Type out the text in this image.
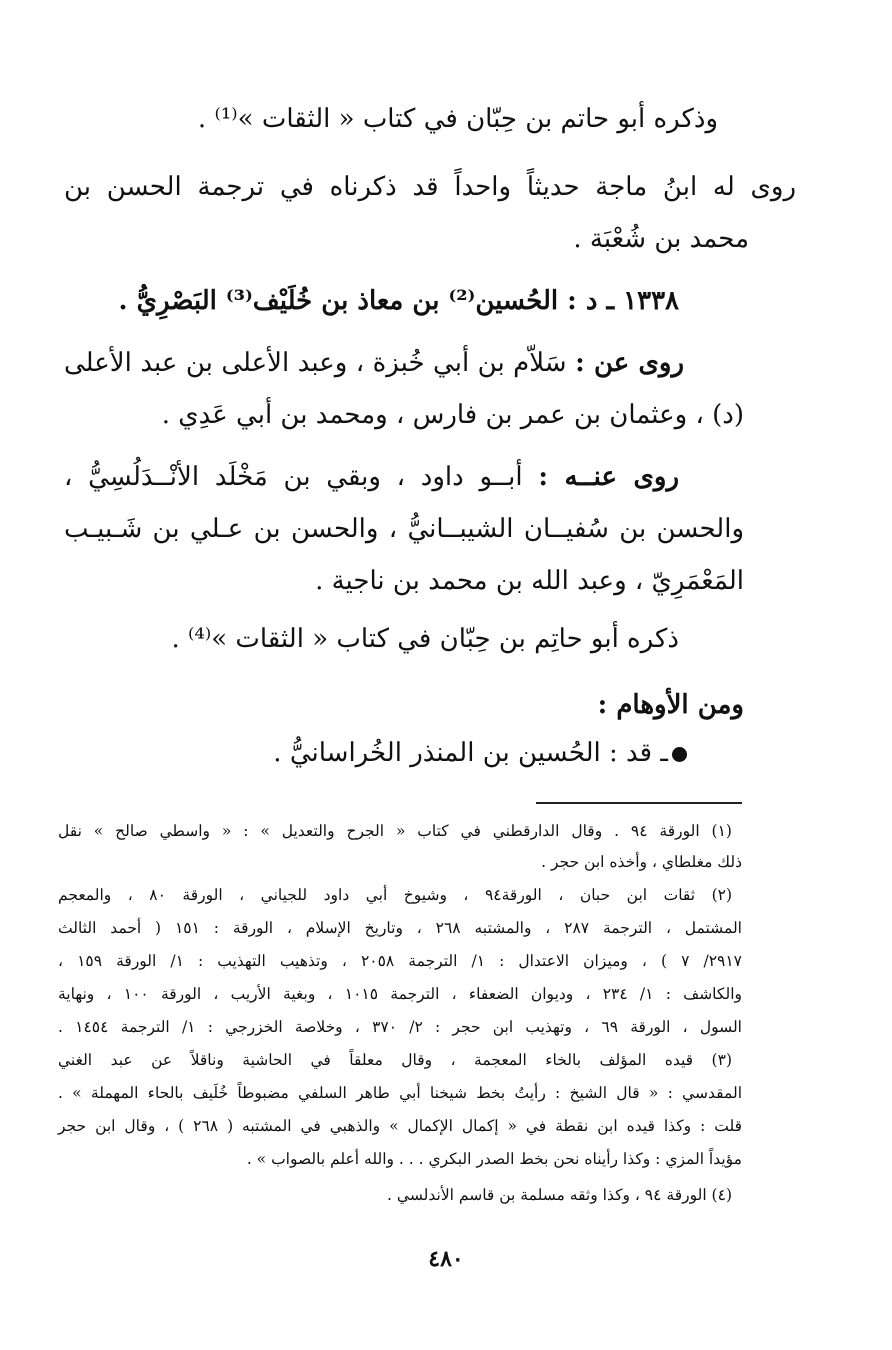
وذكره أبو حاتم بن حِبّان في كتاب « الثقات »⁽¹⁾ .
روى له ابنُ ماجة حديثاً واحداً قد ذكرناه في ترجمة الحسن بن
محمد بن شُعْبَة .
١٣٣٨ ـ د : الحُسين⁽²⁾ بن معاذ بن خُلَيْف⁽³⁾ البَصْرِيُّ .
روى عن : سَلاّم بن أبي خُبزة ، وعبد الأعلى بن عبد الأعلى
(د) ، وعثمان بن عمر بن فارس ، ومحمد بن أبي عَدِي .
روى عنــه : أبــو داود ، وبقي بن مَخْلَد الأنْــدَلُسِيُّ ،
والحسن بن سُفيــان الشيبــانيُّ ، والحسن بن عـلي بن شَـبيـب
المَعْمَرِيّ ، وعبد الله بن محمد بن ناجية .
ذكره أبو حاتِم بن حِبّان في كتاب « الثقات »⁽⁴⁾ .
ومن الأوهام :
ـ قد : الحُسين بن المنذر الخُراسانيُّ .
(١) الورقة ٩٤ . وقال الدارقطني في كتاب « الجرح والتعديل » : « واسطي صالح » نقل
ذلك مغلطاي ، وأخذه ابن حجر .
(٢) ثقات ابن حبان ، الورقة٩٤ ، وشيوخ أبي داود للجياني ، الورقة ٨٠ ، والمعجم
المشتمل ، الترجمة ٢٨٧ ، والمشتبه ٢٦٨ ، وتاريخ الإسلام ، الورقة : ١٥١ ( أحمد الثالث
٢٩١٧/ ٧ ) ، وميزان الاعتدال : ١/ الترجمة ٢٠٥٨ ، وتذهيب التهذيب : ١/ الورقة ١٥٩ ،
والكاشف : ١/ ٢٣٤ ، وديوان الضعفاء ، الترجمة ١٠١٥ ، وبغية الأريب ، الورقة ١٠٠ ، ونهاية
السول ، الورقة ٦٩ ، وتهذيب ابن حجر : ٢/ ٣٧٠ ، وخلاصة الخزرجي : ١/ الترجمة ١٤٥٤ .
(٣) قيده المؤلف بالخاء المعجمة ، وقال معلقاً في الحاشية وناقلاً عن عبد الغني
المقدسي : « قال الشيخ : رأيتُ بخط شيخنا أبي طاهر السلفي مضبوطاً خُلَيف بالحاء المهملة » .
قلت : وكذا قيده ابن نقطة في « إكمال الإكمال » والذهبي في المشتبه ( ٢٦٨ ) ، وقال ابن حجر
مؤيداً المزي : وكذا رأيناه نحن بخط الصدر البكري . . . والله أعلم بالصواب » .
(٤) الورقة ٩٤ ، وكذا وثقه مسلمة بن قاسم الأندلسي .
٤٨٠
